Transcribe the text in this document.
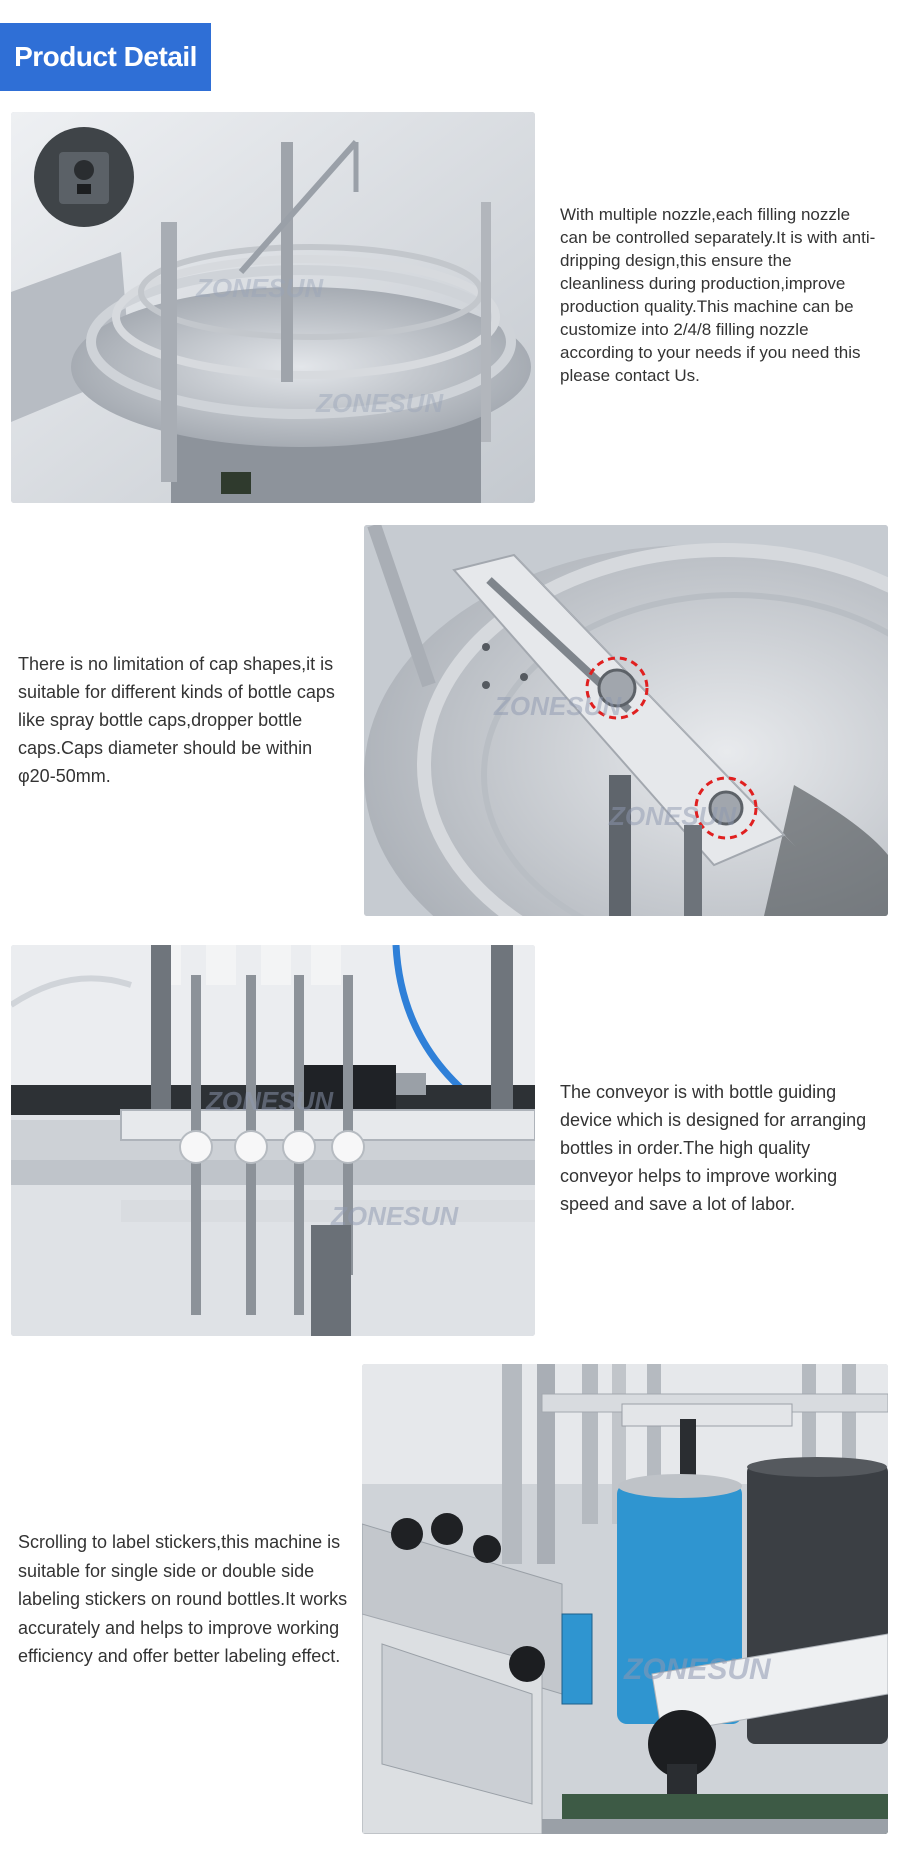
Product Detail
ZONESUN
ZONESUN

With multiple nozzle,each filling nozzle can be controlled separately.It is with anti-dripping design,this ensure the cleanliness during production,improve production quality.This machine can be customize into 2/4/8 filling nozzle according to your needs if you need this please contact Us.

There is no limitation of cap shapes,it is suitable for different kinds of bottle caps like spray bottle caps,dropper bottle caps.Caps diameter should be within φ20-50mm.

ZONESUN
ZONESUN
ZONESUN
ZONESUN

The conveyor is with bottle guiding device which is designed for arranging bottles in order.The high quality conveyor helps to improve working speed and save a lot of labor.

Scrolling to label stickers,this machine is suitable for single side or double side labeling stickers on round bottles.It works accurately and helps to improve working efficiency and offer better labeling effect.	ZONESUN
